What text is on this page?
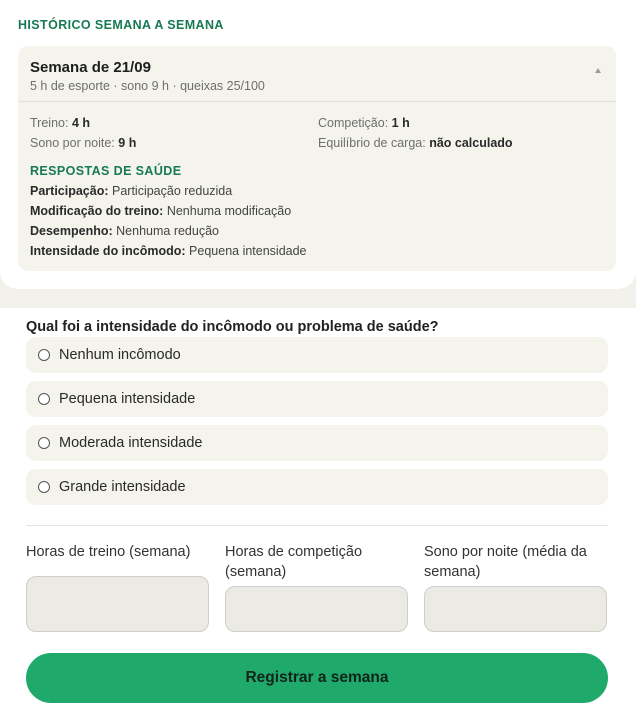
HISTÓRICO SEMANA A SEMANA
Semana de 21/09
5 h de esporte · sono 9 h · queixas 25/100
Treino: 4 h	Competição: 1 h
Sono por noite: 9 h	Equilíbrio de carga: não calculado
RESPOSTAS DE SAÚDE
Participação: Participação reduzida
Modificação do treino: Nenhuma modificação
Desempenho: Nenhuma redução
Intensidade do incômodo: Pequena intensidade
Qual foi a intensidade do incômodo ou problema de saúde?
Nenhum incômodo
Pequena intensidade
Moderada intensidade
Grande intensidade
Horas de treino (semana)	Horas de competição (semana)
Sono por noite (média da semana)
Registrar a semana
